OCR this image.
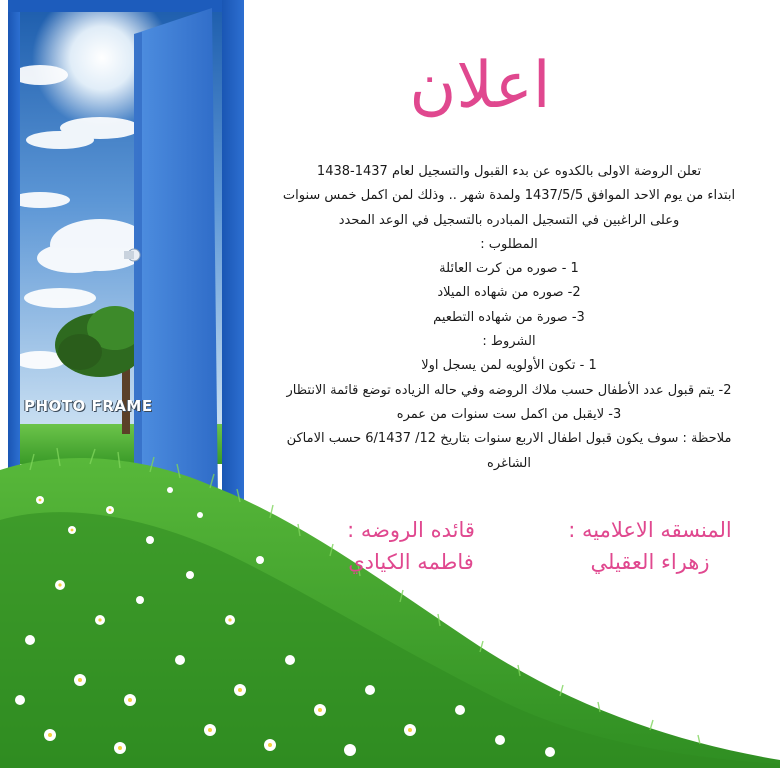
PHOTO FRAME
اعلان

تعلن الروضة الاولى بالكدوه عن بدء القبول والتسجيل لعام 1437-1438

ابتداء من يوم الاحد الموافق 1437/5/5 ولمدة شهر .. وذلك لمن اكمل خمس سنوات

وعلى الراغبين في التسجيل المبادره بالتسجيل في الوعد المحدد

المطلوب :

1 - صوره من كرت العائلة

2- صوره من شهاده الميلاد

3- صورة من شهاده التطعيم

الشروط :

1 - تكون الأولويه لمن يسجل اولا

2- يتم قبول عدد الأطفال حسب ملاك الروضه وفي حاله الزياده توضع قائمة الانتظار

3- لايقبل من اكمل ست سنوات من عمره

ملاحظة : سوف يكون قبول اطفال الاربع سنوات بتاريخ 12/ 6/1437 حسب الاماكن

الشاغره

المنسقه الاعلاميه :
زهراء العقيلي
قائده الروضه :
فاطمه الكيادي
